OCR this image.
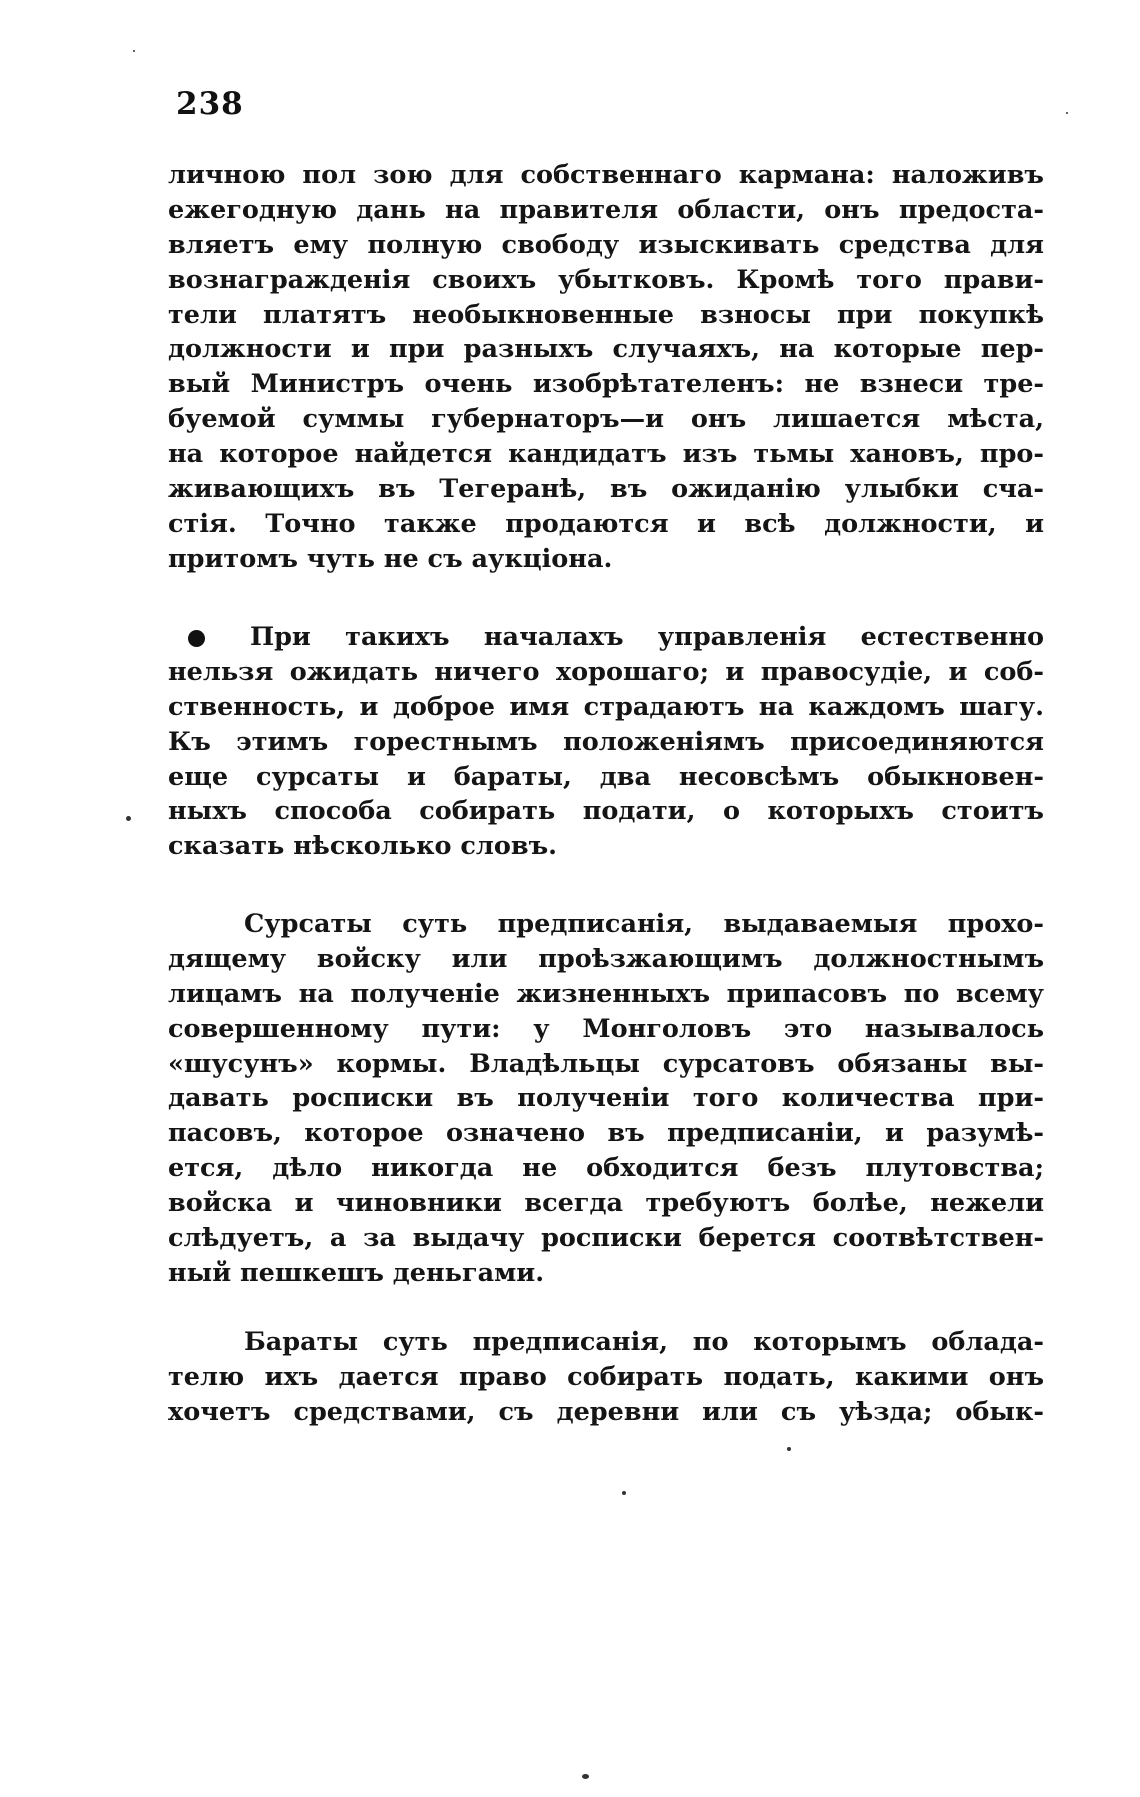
238
личною пол зою для собственнаго кармана: наложивъ
ежегодную дань на правителя области, онъ предоста-
вляетъ ему полную свободу изыскивать средства для
вознагражденія своихъ убытковъ. Кромѣ того прави-
тели платятъ необыкновенные взносы при покупкѣ
должности и при разныхъ случаяхъ, на которые пер-
вый Министръ очень изобрѣтателенъ: не взнеси тре-
буемой суммы губернаторъ—и онъ лишается мѣста,
на которое найдется кандидатъ изъ тьмы хановъ, про-
живающихъ въ Тегеранѣ, въ ожиданію улыбки сча-
стія. Точно также продаются и всѣ должности, и
притомъ чуть не съ аукціона.
При такихъ началахъ управленія естественно
нельзя ожидать ничего хорошаго; и правосудіе, и соб-
ственность, и доброе имя страдаютъ на каждомъ шагу.
Къ этимъ горестнымъ положеніямъ присоединяются
еще сурсаты и бараты, два несовсѣмъ обыкновен-
ныхъ способа собирать подати, о которыхъ стоитъ
сказать нѣсколько словъ.
Сурсаты суть предписанія, выдаваемыя прохо-
дящему войску или проѣзжающимъ должностнымъ
лицамъ на полученіе жизненныхъ припасовъ по всему
совершенному пути: у Монголовъ это называлось
«шусунъ» кормы. Владѣльцы сурсатовъ обязаны вы-
давать росписки въ полученіи того количества при-
пасовъ, которое означено въ предписаніи, и разумѣ-
ется, дѣло никогда не обходится безъ плутовства;
войска и чиновники всегда требуютъ болѣе, нежели
слѣдуетъ, а за выдачу росписки берется соотвѣтствен-
ный пешкешъ деньгами.
Бараты суть предписанія, по которымъ облада-
телю ихъ дается право собирать подать, какими онъ
хочетъ средствами, съ деревни или съ уѣзда; обык-
